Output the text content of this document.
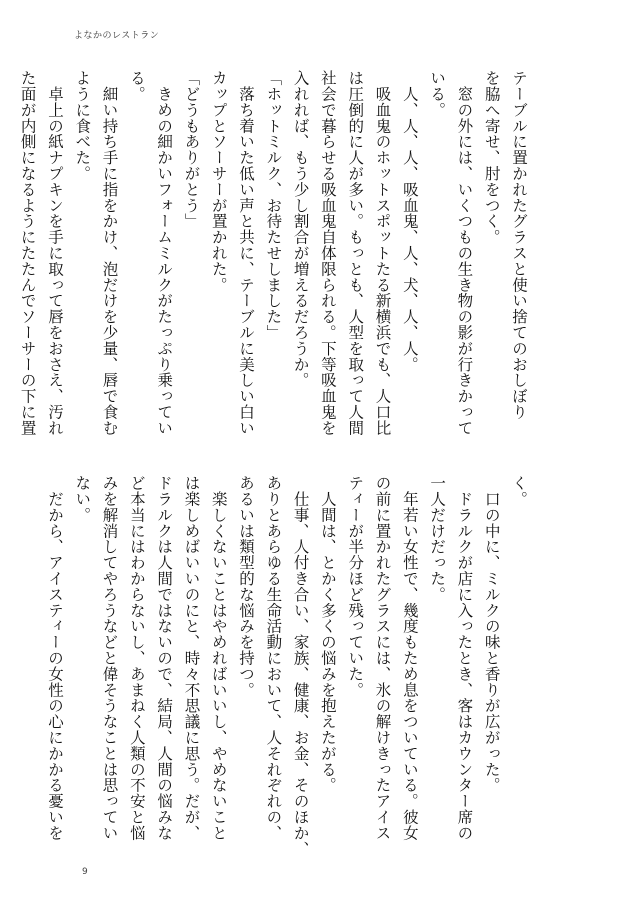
よなかのレストラン
テーブルに置かれたグラスと使い捨てのおしぼり
を脇へ寄せ、肘をつく。
　窓の外には、いくつもの生き物の影が行きかって
いる。
　人、人、人、吸血鬼、人、犬、人、人。
　吸血鬼のホットスポットたる新横浜でも、人口比
は圧倒的に人が多い。もっとも、人型を取って人間
社会で暮らせる吸血鬼自体限られる。下等吸血鬼を
入れれば、もう少し割合が増えるだろうか。
「ホットミルク、お待たせしました」
　落ち着いた低い声と共に、テーブルに美しい白い
カップとソーサーが置かれた。
「どうもありがとう」
　きめの細かいフォームミルクがたっぷり乗ってい
る。
　細い持ち手に指をかけ、泡だけを少量、唇で食む
ように食べた。
　卓上の紙ナプキンを手に取って唇をおさえ、汚れ
た面が内側になるようにたたんでソーサーの下に置
く。
　口の中に、ミルクの味と香りが広がった。
　ドラルクが店に入ったとき、客はカウンター席の
一人だけだった。
　年若い女性で、幾度もため息をついている。彼女
の前に置かれたグラスには、氷の解けきったアイス
ティーが半分ほど残っていた。
　人間は、とかく多くの悩みを抱えたがる。
　仕事、人付き合い、家族、健康、お金、そのほか、
ありとあらゆる生命活動において、人それぞれの、
あるいは類型的な悩みを持つ。
　楽しくないことはやめればいいし、やめないこと
は楽しめばいいのにと、時々不思議に思う。だが、
ドラルクは人間ではないので、結局、人間の悩みな
ど本当にはわからないし、あまねく人類の不安と悩
みを解消してやろうなどと偉そうなことは思ってい
ない。
　だから、アイスティーの女性の心にかかる憂いを
9
